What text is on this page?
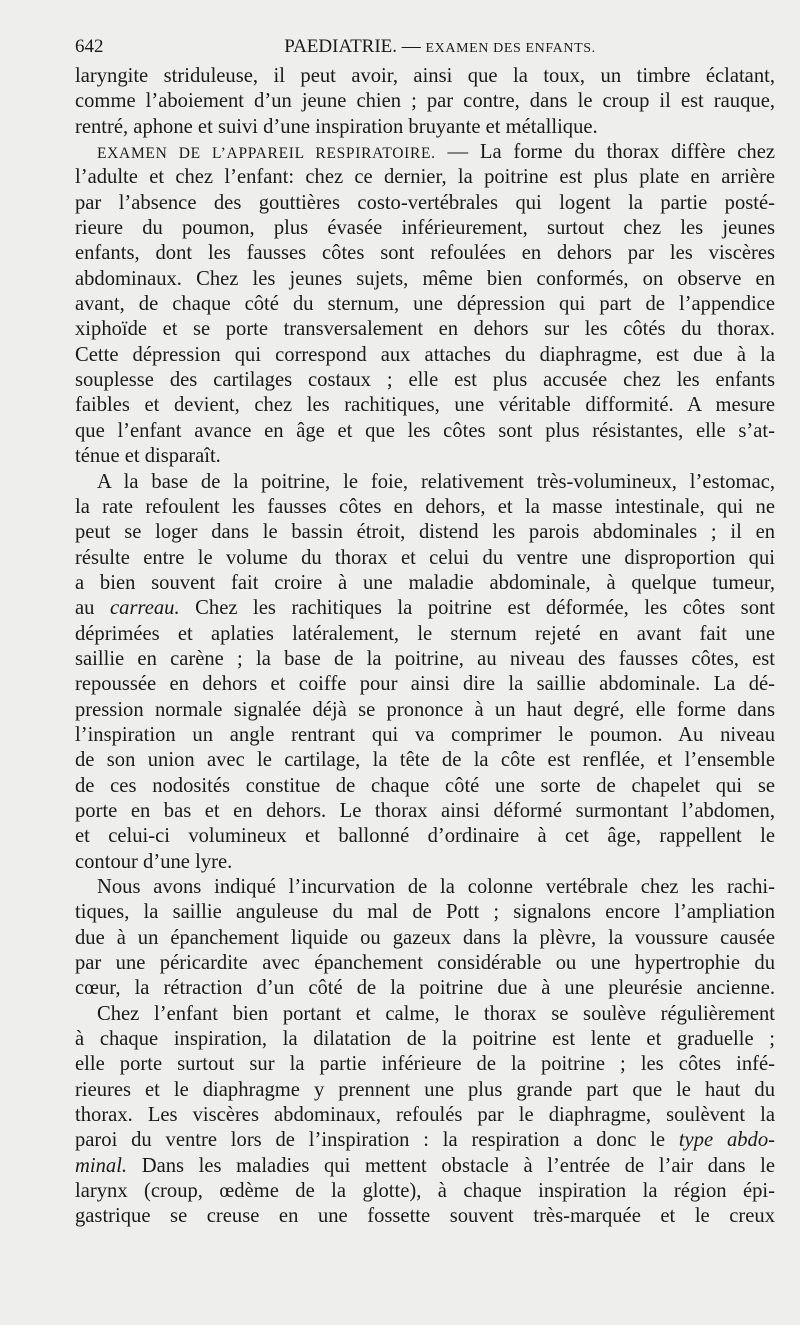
642	PAEDIATRIE. — EXAMEN DES ENFANTS.
laryngite striduleuse, il peut avoir, ainsi que la toux, un timbre éclatant,
comme l’aboiement d’un jeune chien ; par contre, dans le croup il est rauque,
rentré, aphone et suivi d’une inspiration bruyante et métallique.
EXAMEN DE L’APPAREIL RESPIRATOIRE. — La forme du thorax diffère chez
l’adulte et chez l’enfant: chez ce dernier, la poitrine est plus plate en arrière
par l’absence des gouttières costo-vertébrales qui logent la partie posté-
rieure du poumon, plus évasée inférieurement, surtout chez les jeunes
enfants, dont les fausses côtes sont refoulées en dehors par les viscères
abdominaux. Chez les jeunes sujets, même bien conformés, on observe en
avant, de chaque côté du sternum, une dépression qui part de l’appendice
xiphoïde et se porte transversalement en dehors sur les côtés du thorax.
Cette dépression qui correspond aux attaches du diaphragme, est due à la
souplesse des cartilages costaux ; elle est plus accusée chez les enfants
faibles et devient, chez les rachitiques, une véritable difformité. A mesure
que l’enfant avance en âge et que les côtes sont plus résistantes, elle s’at-
ténue et disparaît.
A la base de la poitrine, le foie, relativement très-volumineux, l’estomac,
la rate refoulent les fausses côtes en dehors, et la masse intestinale, qui ne
peut se loger dans le bassin étroit, distend les parois abdominales ; il en
résulte entre le volume du thorax et celui du ventre une disproportion qui
a bien souvent fait croire à une maladie abdominale, à quelque tumeur,
au carreau. Chez les rachitiques la poitrine est déformée, les côtes sont
déprimées et aplaties latéralement, le sternum rejeté en avant fait une
saillie en carène ; la base de la poitrine, au niveau des fausses côtes, est
repoussée en dehors et coiffe pour ainsi dire la saillie abdominale. La dé-
pression normale signalée déjà se prononce à un haut degré, elle forme dans
l’inspiration un angle rentrant qui va comprimer le poumon. Au niveau
de son union avec le cartilage, la tête de la côte est renflée, et l’ensemble
de ces nodosités constitue de chaque côté une sorte de chapelet qui se
porte en bas et en dehors. Le thorax ainsi déformé surmontant l’abdomen,
et celui-ci volumineux et ballonné d’ordinaire à cet âge, rappellent le
contour d’une lyre.
Nous avons indiqué l’incurvation de la colonne vertébrale chez les rachi-
tiques, la saillie anguleuse du mal de Pott ; signalons encore l’ampliation
due à un épanchement liquide ou gazeux dans la plèvre, la voussure causée
par une péricardite avec épanchement considérable ou une hypertrophie du
cœur, la rétraction d’un côté de la poitrine due à une pleurésie ancienne.
Chez l’enfant bien portant et calme, le thorax se soulève régulièrement
à chaque inspiration, la dilatation de la poitrine est lente et graduelle ;
elle porte surtout sur la partie inférieure de la poitrine ; les côtes infé-
rieures et le diaphragme y prennent une plus grande part que le haut du
thorax. Les viscères abdominaux, refoulés par le diaphragme, soulèvent la
paroi du ventre lors de l’inspiration : la respiration a donc le type abdo-
minal. Dans les maladies qui mettent obstacle à l’entrée de l’air dans le
larynx (croup, œdème de la glotte), à chaque inspiration la région épi-
gastrique se creuse en une fossette souvent très-marquée et le creux
